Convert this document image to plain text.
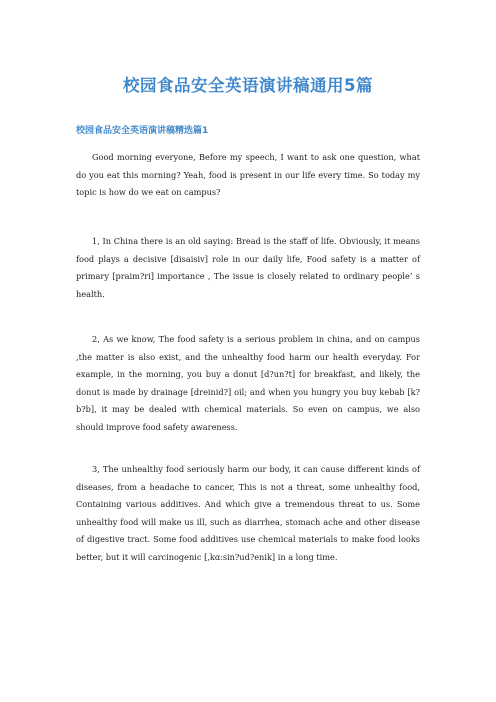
校园食品安全英语演讲稿通用5篇
校园食品安全英语演讲稿精选篇1

Good morning everyone, Before my speech, I want to ask one question, what do you eat this morning? Yeah, food is present in our life every time. So today my topic is how do we eat on campus?

1, In China there is an old saying: Bread is the staff of life. Obviously, it means food plays a decisive [disaisiv] role in our daily life, Food safety is a matter of primary [praim?ri] importance , The issue is closely related to ordinary people’ s health.

2, As we know, The food safety is a serious problem in china, and on campus ,the matter is also exist, and the unhealthy food harm our health everyday. For example, in the morning, you buy a donut [d?un?t] for breakfast, and likely, the donut is made by drainage [dreinid?] oil; and when you hungry you buy kebab [k?b?b], it may be dealed with chemical materials. So even on campus, we also should improve food safety awareness.

3, The unhealthy food seriously harm our body, it can cause different kinds of diseases, from a headache to cancer, This is not a threat, some unhealthy food, Containing various additives. And which give a tremendous threat to us. Some unhealthy food will make us ill, such as diarrhea, stomach ache and other disease of digestive tract. Some food additives use chemical materials to make food looks better, but it will carcinogenic [,kɑ:sin?ud?enik] in a long time.
